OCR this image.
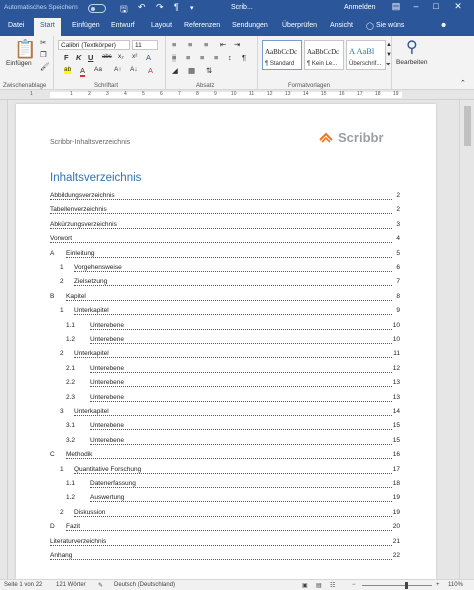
Automatisches Speichern	🖫 ↶ ↷ ¶ ▾	Scrib...	Anmelden	▤	–	□	✕
Datei	Start	Einfügen Entwurf Layout Referenzen Sendungen Überprüfen Ansicht ◯ Sie wüns	☻
📋
Einfügen
✂
❐
🖌
Zwischenablage
Calibri (Textkörper)	11
F K U abc x₂ x² A
ab A Aa A↑ A↓ A
Schriftart
≡ ≡ ≡ ⇤ ⇥
≡ ≡ ≡ ≡ ↕ ¶
◢ ▦ ⇅
Absatz
AaBbCcDc
¶ Standard
AaBbCcDc
¶ Kein Le...
A AaBl
Überschrif...
▲
▼
⏷
Formatvorlagen
⚲
Bearbeiten
⌃
1	1	2	3	4	5	6	7	8	9	10 11	12 13 14 15 16 17 18 19
Scribbr-Inhaltsverzeichnis	Scribbr
Inhaltsverzeichnis
Abbildungsverzeichnis	2
Tabellenverzeichnis	2
Abkürzungsverzeichnis	3
Vorwort	4
A Einleitung	5
1 Vorgehensweise	6
2 Zielsetzung	7
B Kapitel	8
1 Unterkapitel	9
1.1 Unterebene	10
1.2 Unterebene	10
2 Unterkapitel	11
2.1 Unterebene	12
2.2 Unterebene	13
2.3 Unterebene	13
3 Unterkapitel	14
3.1 Unterebene	15
3.2 Unterebene	15
C Methodik	16
1 Quantitative Forschung	17
1.1 Datenerfassung	18
1.2 Auswertung	19
2 Diskussion	19
D Fazit	20
Literaturverzeichnis	21
Anhang	22
Seite 1 von 22 121 Wörter ✎ Deutsch (Deutschland)	▣ ▤ ☷	−	+ 110%
